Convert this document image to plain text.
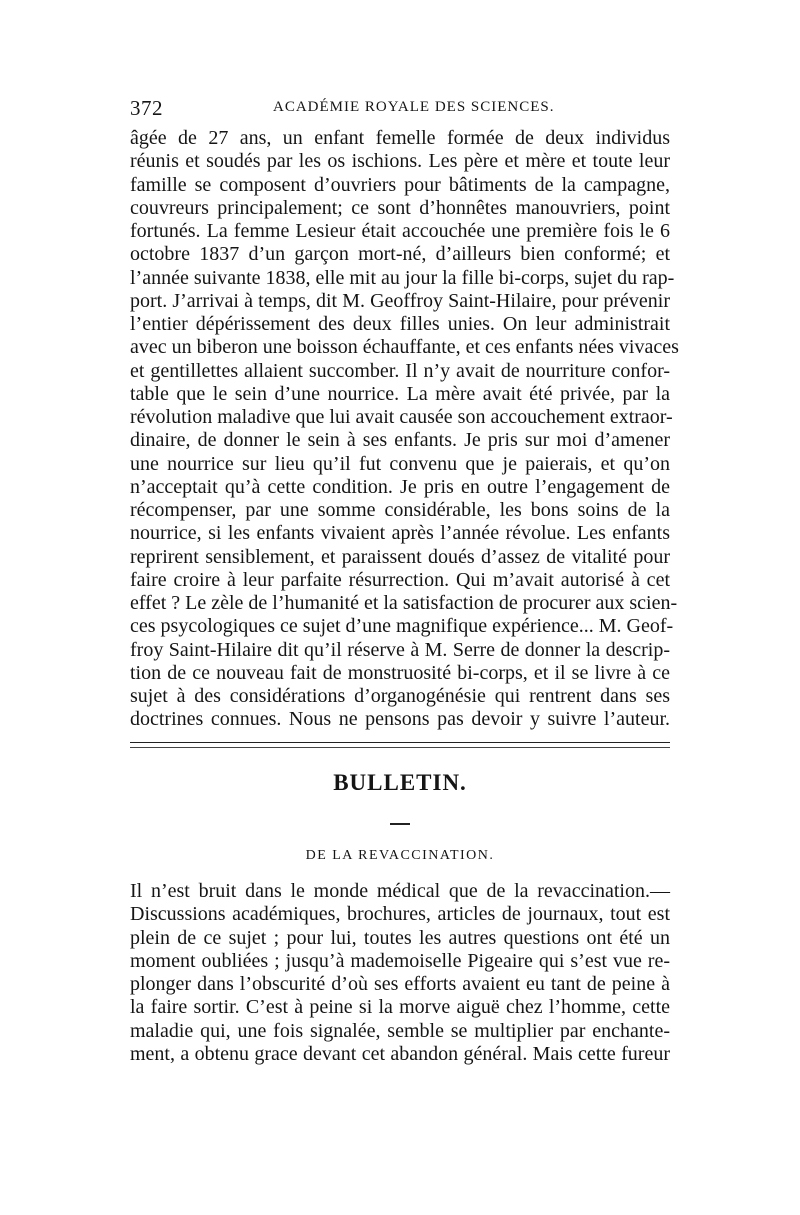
372	ACADÉMIE ROYALE DES SCIENCES.
âgée de 27 ans, un enfant femelle formée de deux individus
réunis et soudés par les os ischions. Les père et mère et toute leur
famille se composent d’ouvriers pour bâtiments de la campagne,
couvreurs principalement; ce sont d’honnêtes manouvriers, point
fortunés. La femme Lesieur était accouchée une première fois le 6
octobre 1837 d’un garçon mort-né, d’ailleurs bien conformé; et
l’année suivante 1838, elle mit au jour la fille bi-corps, sujet du rap-
port. J’arrivai à temps, dit M. Geoffroy Saint-Hilaire, pour prévenir
l’entier dépérissement des deux filles unies. On leur administrait
avec un biberon une boisson échauffante, et ces enfants nées vivaces
et gentillettes allaient succomber. Il n’y avait de nourriture confor-
table que le sein d’une nourrice. La mère avait été privée, par la
révolution maladive que lui avait causée son accouchement extraor-
dinaire, de donner le sein à ses enfants. Je pris sur moi d’amener
une nourrice sur lieu qu’il fut convenu que je paierais, et qu’on
n’acceptait qu’à cette condition. Je pris en outre l’engagement de
récompenser, par une somme considérable, les bons soins de la
nourrice, si les enfants vivaient après l’année révolue. Les enfants
reprirent sensiblement, et paraissent doués d’assez de vitalité pour
faire croire à leur parfaite résurrection. Qui m’avait autorisé à cet
effet ? Le zèle de l’humanité et la satisfaction de procurer aux scien-
ces psycologiques ce sujet d’une magnifique expérience... M. Geof-
froy Saint-Hilaire dit qu’il réserve à M. Serre de donner la descrip-
tion de ce nouveau fait de monstruosité bi-corps, et il se livre à ce
sujet à des considérations d’organogénésie qui rentrent dans ses
doctrines connues. Nous ne pensons pas devoir y suivre l’auteur.
BULLETIN.
DE LA REVACCINATION.
Il n’est bruit dans le monde médical que de la revaccination.—
Discussions académiques, brochures, articles de journaux, tout est
plein de ce sujet ; pour lui, toutes les autres questions ont été un
moment oubliées ; jusqu’à mademoiselle Pigeaire qui s’est vue re-
plonger dans l’obscurité d’où ses efforts avaient eu tant de peine à
la faire sortir. C’est à peine si la morve aiguë chez l’homme, cette
maladie qui, une fois signalée, semble se multiplier par enchante-
ment, a obtenu grace devant cet abandon général. Mais cette fureur
